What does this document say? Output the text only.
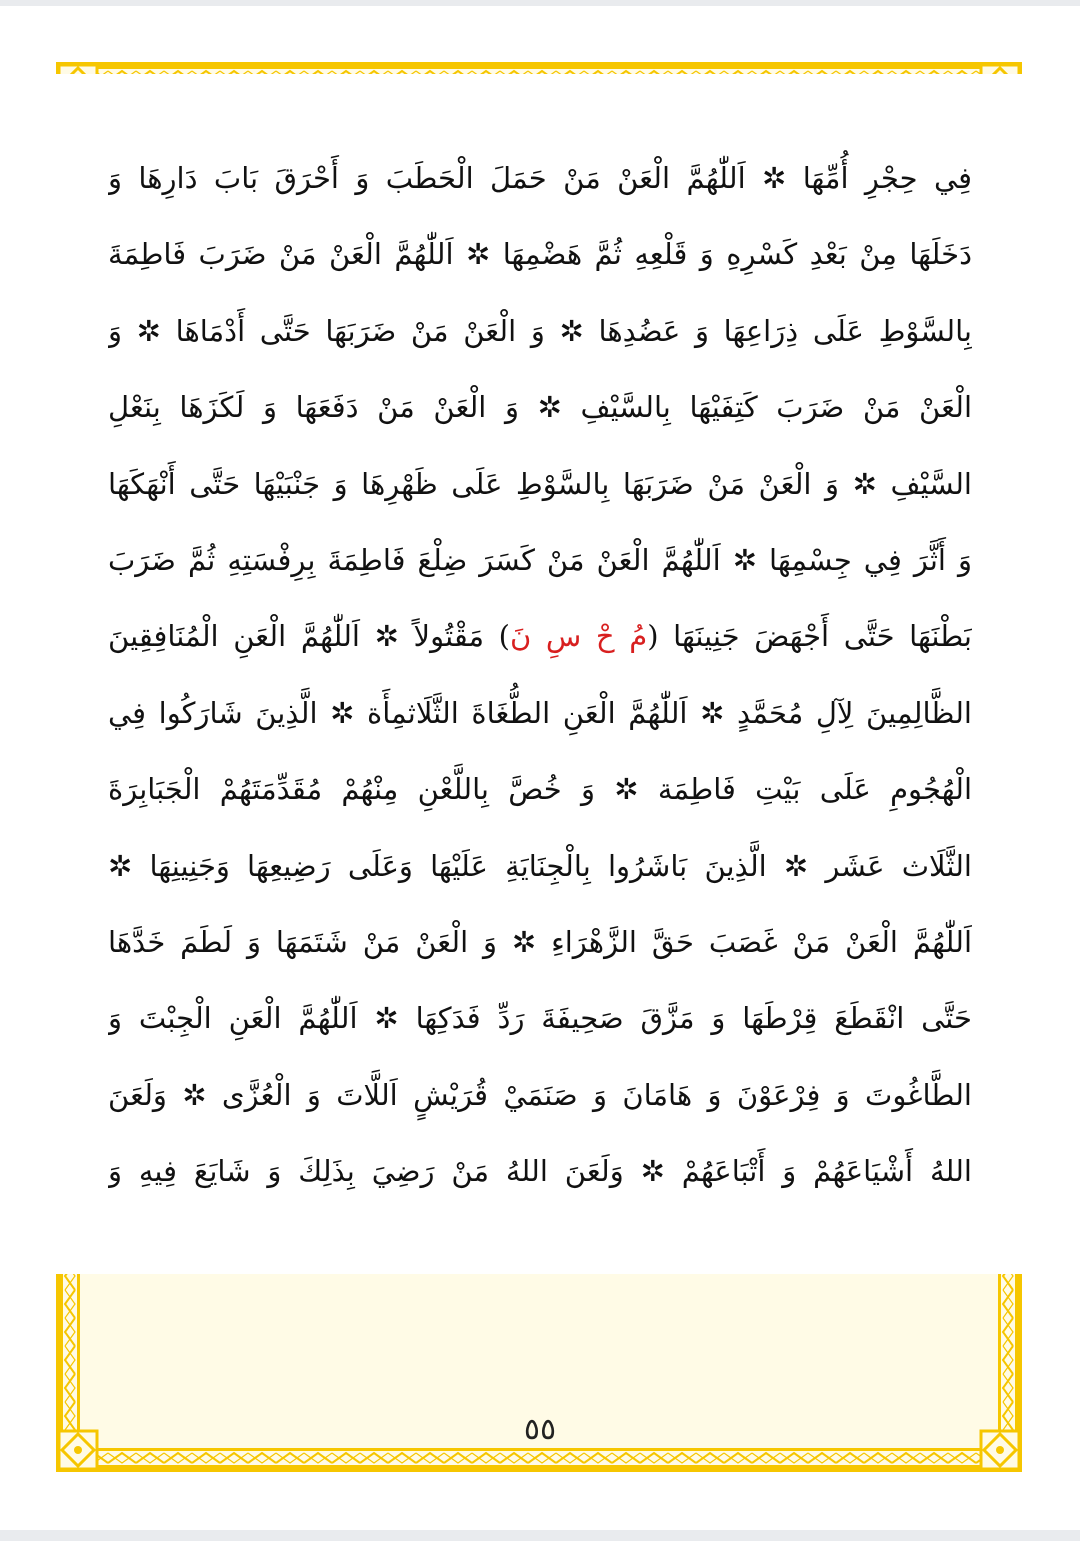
فِي حِجْرِ أُمِّهَا ✲ اَللّٰهُمَّ الْعَنْ مَنْ حَمَلَ الْحَطَبَ وَ أَحْرَقَ بَابَ دَارِهَا وَ
دَخَلَهَا مِنْ بَعْدِ كَسْرِهِ وَ قَلْعِهِ ثُمَّ هَضْمِهَا ✲ اَللّٰهُمَّ الْعَنْ مَنْ ضَرَبَ فَاطِمَةَ
بِالسَّوْطِ عَلَى ذِرَاعِهَا وَ عَضُدِهَا ✲ وَ الْعَنْ مَنْ ضَرَبَهَا حَتَّى أَدْمَاهَا ✲ وَ
الْعَنْ مَنْ ضَرَبَ كَتِفَيْهَا بِالسَّيْفِ ✲ وَ الْعَنْ مَنْ دَفَعَهَا وَ لَكَزَهَا بِنَعْلِ
السَّيْفِ ✲ وَ الْعَنْ مَنْ ضَرَبَهَا بِالسَّوْطِ عَلَى ظَهْرِهَا وَ جَنْبَيْهَا حَتَّى أَنْهَكَهَا
وَ أَثَّرَ فِي جِسْمِهَا ✲ اَللّٰهُمَّ الْعَنْ مَنْ كَسَرَ ضِلْعَ فَاطِمَةَ بِرِفْسَتِهِ ثُمَّ ضَرَبَ
بَطْنَهَا حَتَّى أَجْهَضَ جَنِينَهَا (مُ حْ سِ نَ) مَقْتُولاً ✲ اَللّٰهُمَّ الْعَنِ الْمُنَافِقِينَ
الظَّالِمِينَ لِآلِ مُحَمَّدٍ ✲ اَللّٰهُمَّ الْعَنِ الطُّغَاةَ الثَّلَاثمِأَة ✲ الَّذِينَ شَارَكُوا فِي
الْهُجُومِ عَلَى بَيْتِ فَاطِمَة ✲ وَ خُصَّ بِاللَّعْنِ مِنْهُمْ مُقَدِّمَتَهُمْ الْجَبَابِرَةَ
الثَّلَاث عَشَر ✲ الَّذِينَ بَاشَرُوا بِالْجِنَايَةِ عَلَيْهَا وَعَلَى رَضِيعِهَا وَجَنِينِهَا ✲
اَللّٰهُمَّ الْعَنْ مَنْ غَصَبَ حَقَّ الزَّهْرَاءِ ✲ وَ الْعَنْ مَنْ شَتَمَهَا وَ لَطَمَ خَدَّهَا
حَتَّى انْقَطَعَ قِرْطَهَا وَ مَزَّقَ صَحِيفَةَ رَدِّ فَدَكِهَا ✲ اَللّٰهُمَّ الْعَنِ الْجِبْتَ وَ
الطَّاغُوتَ وَ فِرْعَوْنَ وَ هَامَانَ وَ صَنَمَيْ قُرَيْشٍ اَللَّاتَ وَ الْعُزَّى ✲ وَلَعَنَ
اللهُ أَشْيَاعَهُمْ وَ أَتْبَاعَهُمْ ✲ وَلَعَنَ اللهُ مَنْ رَضِيَ بِذَلِكَ وَ شَايَعَ فِيهِ وَ
٥٥
